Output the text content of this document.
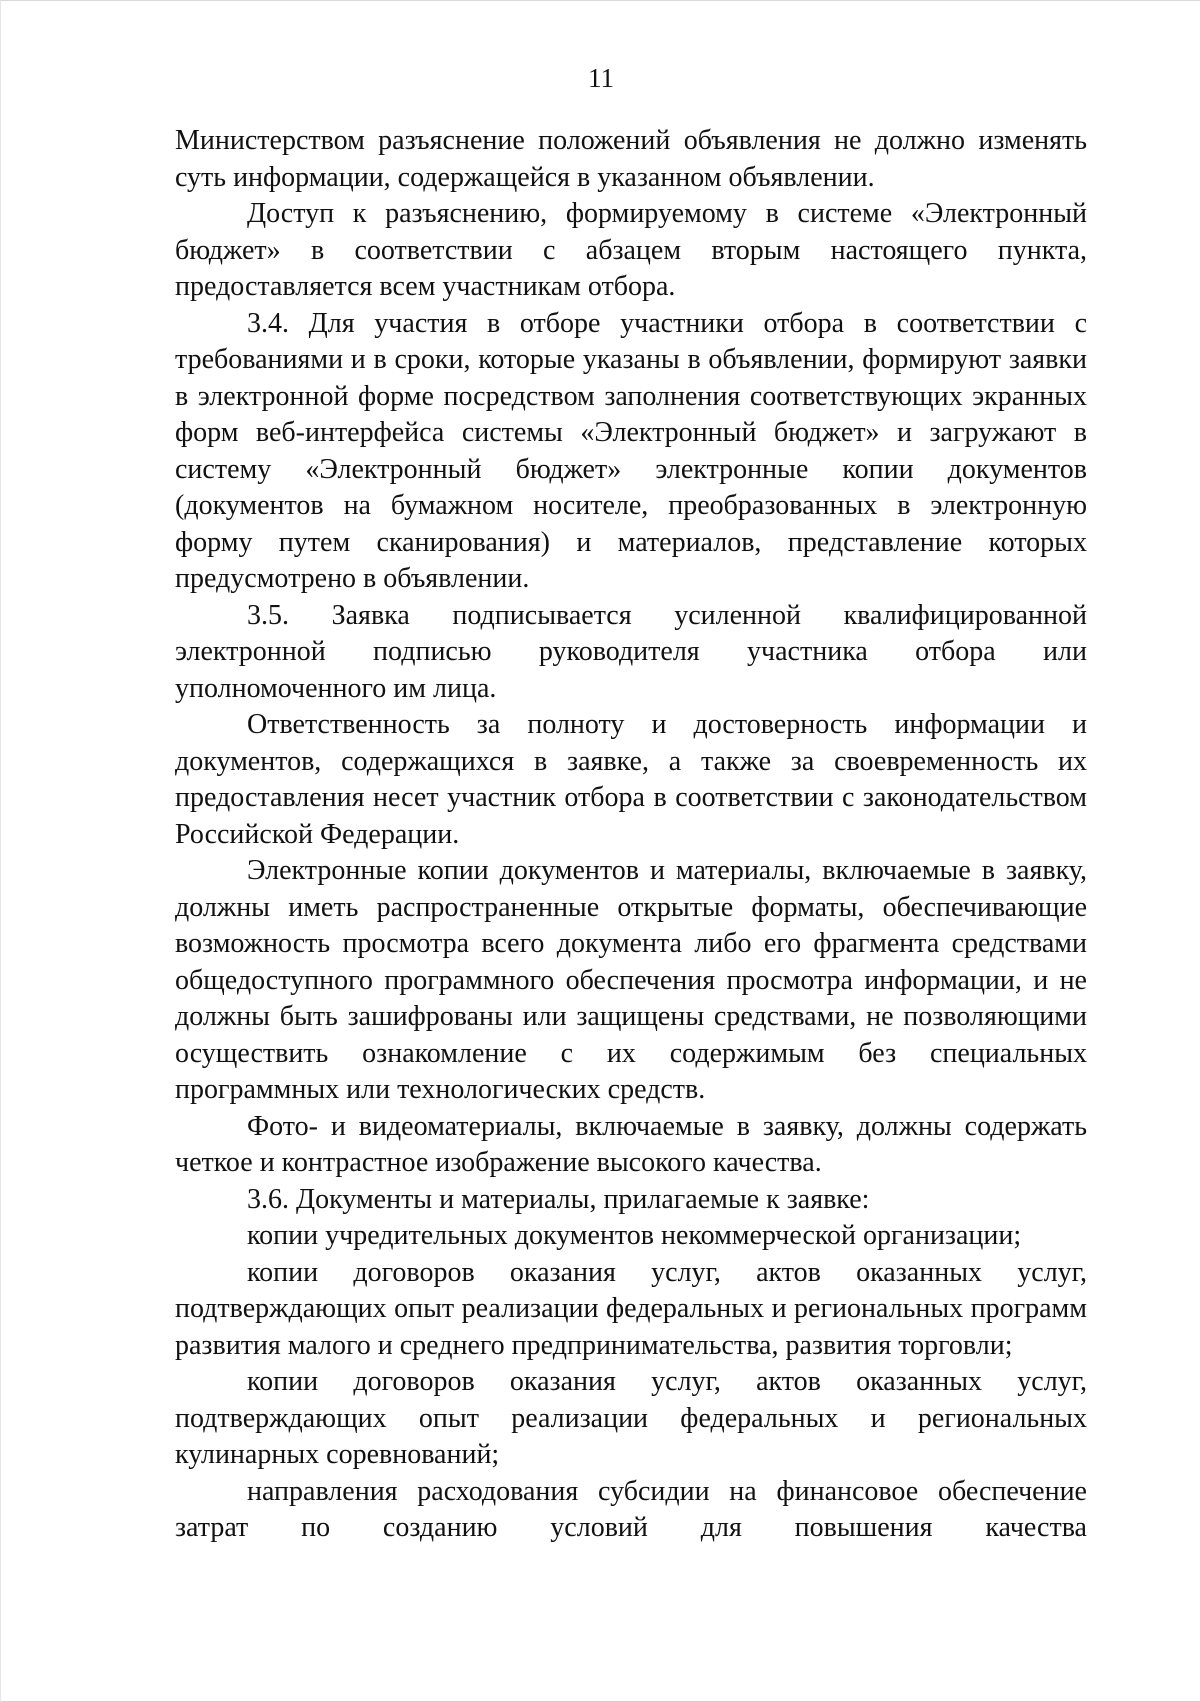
11

Министерством разъяснение положений объявления не должно изменять суть информации, содержащейся в указанном объявлении.

Доступ к разъяснению, формируемому в системе «Электронный бюджет» в соответствии с абзацем вторым настоящего пункта, предоставляется всем участникам отбора.

3.4. Для участия в отборе участники отбора в соответствии с требованиями и в сроки, которые указаны в объявлении, формируют заявки в электронной форме посредством заполнения соответствующих экранных форм веб-интерфейса системы «Электронный бюджет» и загружают в систему «Электронный бюджет» электронные копии документов (документов на бумажном носителе, преобразованных в электронную форму путем сканирования) и материалов, представление которых предусмотрено в объявлении.

3.5. Заявка подписывается усиленной квалифицированной электронной подписью руководителя участника отбора или уполномоченного им лица.

Ответственность за полноту и достоверность информации и документов, содержащихся в заявке, а также за своевременность их предоставления несет участник отбора в соответствии с законодательством Российской Федерации.

Электронные копии документов и материалы, включаемые в заявку, должны иметь распространенные открытые форматы, обеспечивающие возможность просмотра всего документа либо его фрагмента средствами общедоступного программного обеспечения просмотра информации, и не должны быть зашифрованы или защищены средствами, не позволяющими осуществить ознакомление с их содержимым без специальных программных или технологических средств.

Фото- и видеоматериалы, включаемые в заявку, должны содержать четкое и контрастное изображение высокого качества.

3.6. Документы и материалы, прилагаемые к заявке:

копии учредительных документов некоммерческой организации;

копии договоров оказания услуг, актов оказанных услуг, подтверждающих опыт реализации федеральных и региональных программ развития малого и среднего предпринимательства, развития торговли;

копии договоров оказания услуг, актов оказанных услуг, подтверждающих опыт реализации федеральных и региональных кулинарных соревнований;

направления расходования субсидии на финансовое обеспечение затрат по созданию условий для повышения качества
